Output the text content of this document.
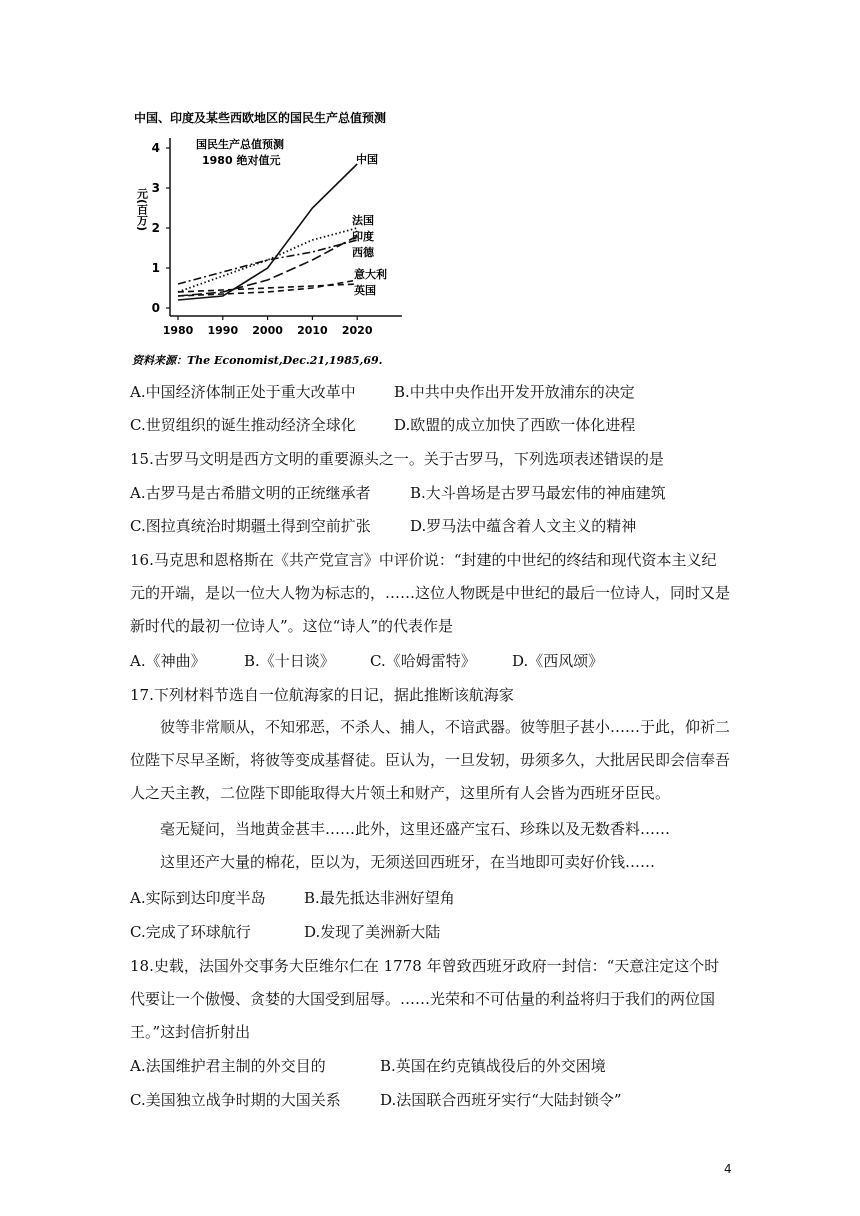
中国、印度及某些西欧地区的国民生产总值预测
国民生产总值预测
1980 绝对值元
元(百万)
0
1
2
3
4
1980 1990 2000 2010 2020
中国
法国
印度
西德
意大利
英国
资料来源：The Economist,Dec.21,1985,69.
A.中国经济体制正处于重大改革中	B.中共中央作出开发开放浦东的决定
C.世贸组织的诞生推动经济全球化	D.欧盟的成立加快了西欧一体化进程
15.古罗马文明是西方文明的重要源头之一。关于古罗马，下列选项表述错误的是
A.古罗马是古希腊文明的正统继承者	B.大斗兽场是古罗马最宏伟的神庙建筑
C.图拉真统治时期疆土得到空前扩张	D.罗马法中蕴含着人文主义的精神
16.马克思和恩格斯在《共产党宣言》中评价说：“封建的中世纪的终结和现代资本主义纪元的开端，是以一位大人物为标志的，……这位人物既是中世纪的最后一位诗人，同时又是新时代的最初一位诗人”。这位“诗人”的代表作是
A.《神曲》	B.《十日谈》 C.《哈姆雷特》 D.《西风颂》
17.下列材料节选自一位航海家的日记，据此推断该航海家
彼等非常顺从，不知邪恶，不杀人、捕人，不谙武器。彼等胆子甚小……于此，仰祈二位陛下尽早圣断，将彼等变成基督徒。臣认为，一旦发轫，毋须多久，大批居民即会信奉吾人之天主教，二位陛下即能取得大片领土和财产，这里所有人会皆为西班牙臣民。
毫无疑问，当地黄金甚丰……此外，这里还盛产宝石、珍珠以及无数香料……
这里还产大量的棉花，臣以为，无须送回西班牙，在当地即可卖好价钱……
A.实际到达印度半岛	B.最先抵达非洲好望角
C.完成了环球航行	D.发现了美洲新大陆
18.史载，法国外交事务大臣维尔仁在 1778 年曾致西班牙政府一封信：“天意注定这个时代要让一个傲慢、贪婪的大国受到屈辱。……光荣和不可估量的利益将归于我们的两位国王。”这封信折射出
A.法国维护君主制的外交目的	B.英国在约克镇战役后的外交困境
C.美国独立战争时期的大国关系	D.法国联合西班牙实行“大陆封锁令”
4
